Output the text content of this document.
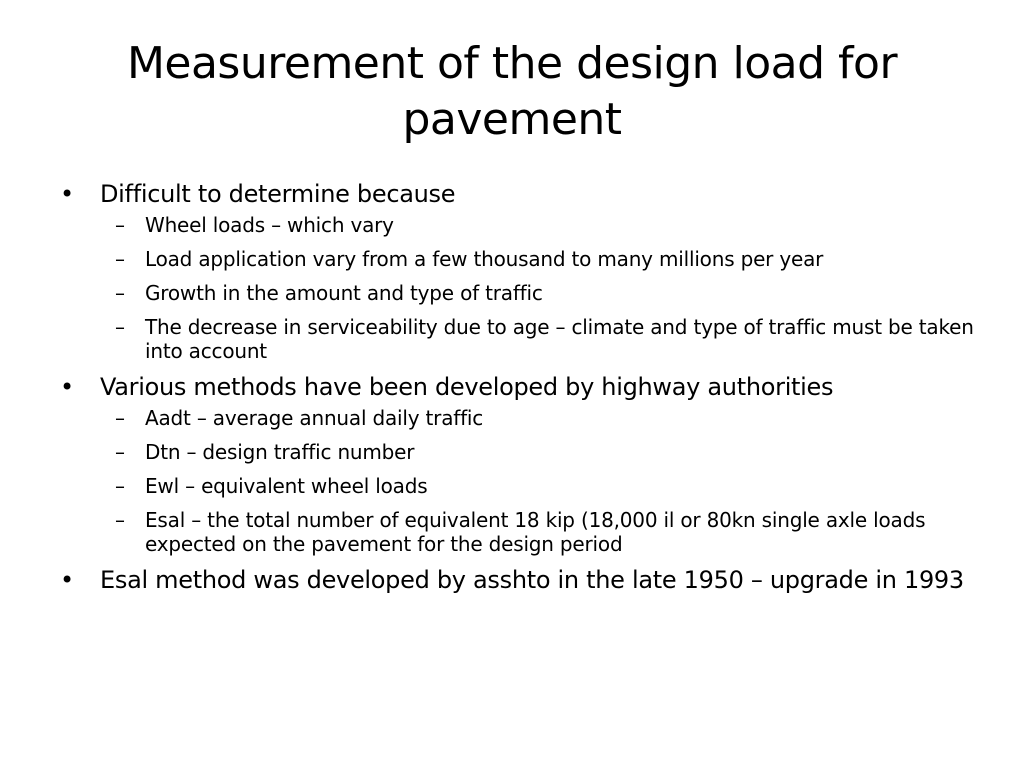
Measurement of the design load for pavement
• Difficult to determine because
– Wheel loads – which vary
– Load application vary from a few thousand to many millions per year
– Growth in the amount and type of traffic
– The decrease in serviceability due to age – climate and type of traffic must be taken into account
• Various methods have been developed by highway authorities
– Aadt – average annual daily traffic
– Dtn – design traffic number
– Ewl – equivalent wheel loads
– Esal – the total number of equivalent 18 kip (18,000 il or 80kn single axle loads expected on the pavement for the design period
• Esal method was developed by asshto in the late 1950 – upgrade in 1993
